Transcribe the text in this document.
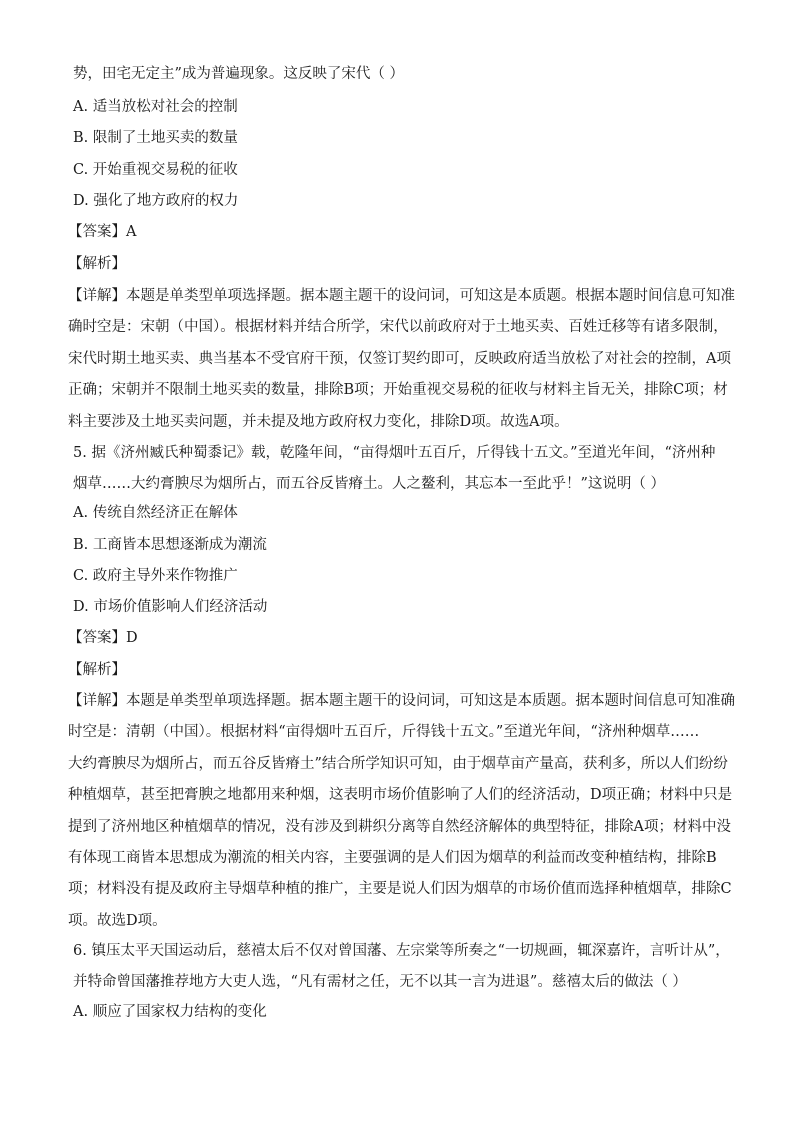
势，田宅无定主”成为普遍现象。这反映了宋代（ ）
A. 适当放松对社会的控制
B. 限制了土地买卖的数量
C. 开始重视交易税的征收
D. 强化了地方政府的权力
【答案】A
【解析】
【详解】本题是单类型单项选择题。据本题主题干的设问词，可知这是本质题。根据本题时间信息可知准
确时空是：宋朝（中国）。根据材料并结合所学，宋代以前政府对于土地买卖、百姓迁移等有诸多限制，
宋代时期土地买卖、典当基本不受官府干预，仅签订契约即可，反映政府适当放松了对社会的控制，A项
正确；宋朝并不限制土地买卖的数量，排除B项；开始重视交易税的征收与材料主旨无关，排除C项；材
料主要涉及土地买卖问题，并未提及地方政府权力变化，排除D项。故选A项。
5. 据《济州臧氏种蜀黍记》载，乾隆年间，“亩得烟叶五百斤，斤得钱十五文。”至道光年间，“济州种
烟草……大约膏腴尽为烟所占，而五谷反皆瘠土。人之鳌利，其忘本一至此乎！”这说明（ ）
A. 传统自然经济正在解体
B. 工商皆本思想逐渐成为潮流
C. 政府主导外来作物推广
D. 市场价值影响人们经济活动
【答案】D
【解析】
【详解】本题是单类型单项选择题。据本题主题干的设问词，可知这是本质题。据本题时间信息可知准确
时空是：清朝（中国）。根据材料“亩得烟叶五百斤，斤得钱十五文。”至道光年间，“济州种烟草……
大约膏腴尽为烟所占，而五谷反皆瘠土”结合所学知识可知，由于烟草亩产量高，获利多，所以人们纷纷
种植烟草，甚至把膏腴之地都用来种烟，这表明市场价值影响了人们的经济活动，D项正确；材料中只是
提到了济州地区种植烟草的情况，没有涉及到耕织分离等自然经济解体的典型特征，排除A项；材料中没
有体现工商皆本思想成为潮流的相关内容，主要强调的是人们因为烟草的利益而改变种植结构，排除B
项；材料没有提及政府主导烟草种植的推广，主要是说人们因为烟草的市场价值而选择种植烟草，排除C
项。故选D项。
6. 镇压太平天国运动后，慈禧太后不仅对曾国藩、左宗棠等所奏之“一切规画，辄深嘉许，言听计从”，
并特命曾国藩推荐地方大吏人选，“凡有需材之任，无不以其一言为进退”。慈禧太后的做法（ ）
A. 顺应了国家权力结构的变化
